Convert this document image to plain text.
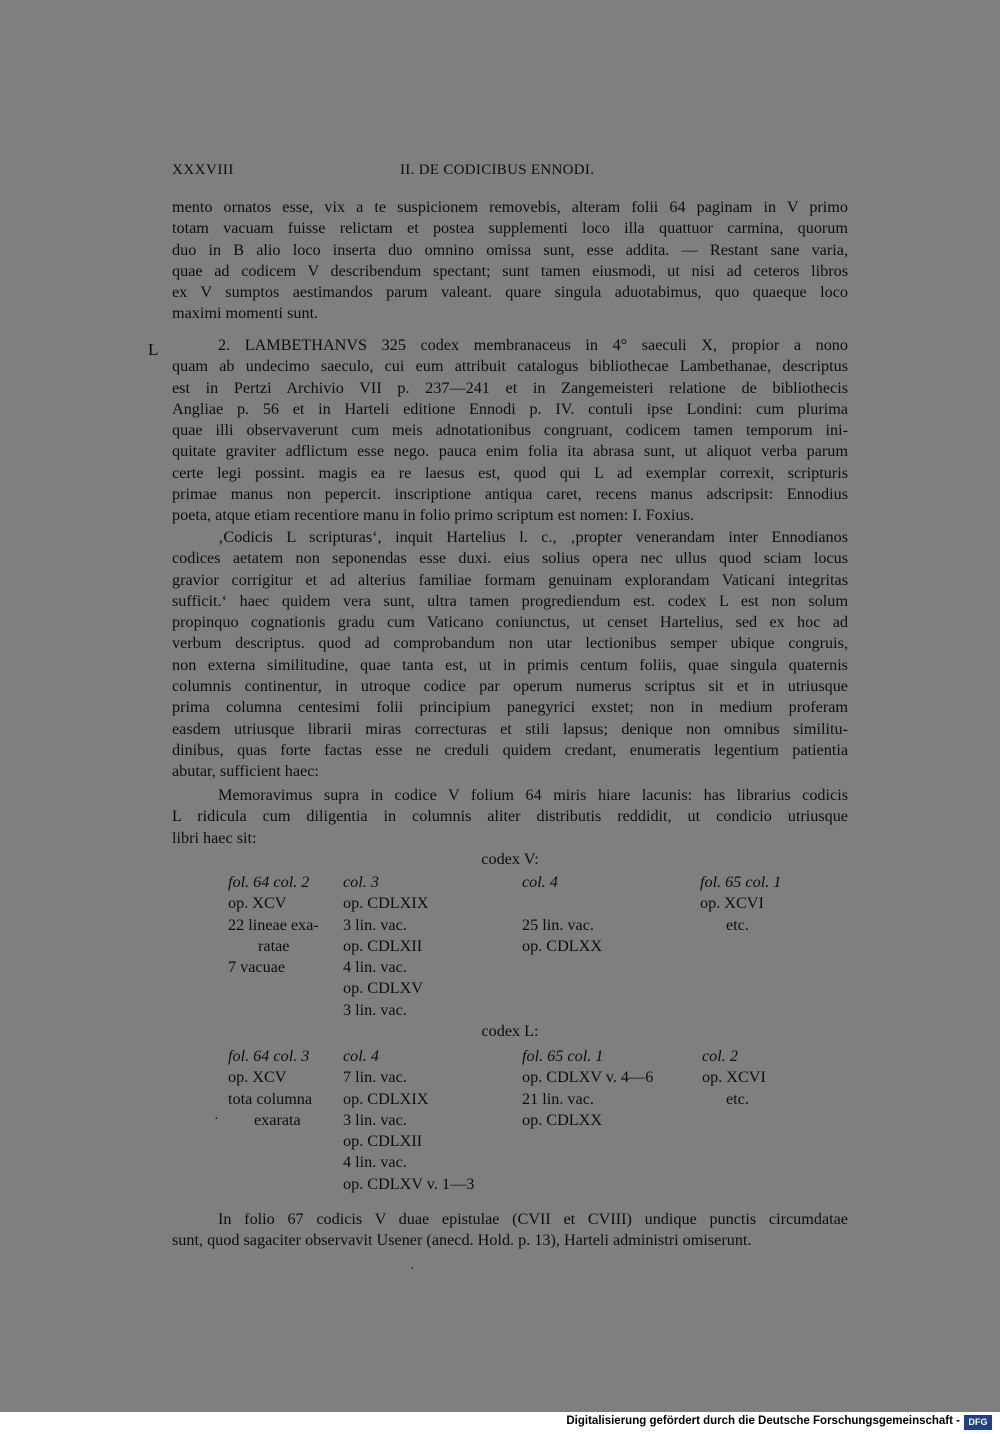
XXXVIII	II. DE CODICIBUS ENNODI.
mento ornatos esse, vix a te suspicionem removebis, alteram folii 64 paginam in V primo
totam vacuam fuisse relictam et postea supplementi loco illa quattuor carmina, quorum
duo in B alio loco inserta duo omnino omissa sunt, esse addita. — Restant sane varia,
quae ad codicem V describendum spectant; sunt tamen eiusmodi, ut nisi ad ceteros libros
ex V sumptos aestimandos parum valeant. quare singula aduotabimus, quo quaeque loco
maximi momenti sunt.
L	2. LAMBETHANVS 325 codex membranaceus in 4° saeculi X, propior a nono
quam ab undecimo saeculo, cui eum attribuit catalogus bibliothecae Lambethanae, descriptus
est in Pertzi Archivio VII p. 237—241 et in Zangemeisteri relatione de bibliothecis
Angliae p. 56 et in Harteli editione Ennodi p. IV. contuli ipse Londini: cum plurima
quae illi observaverunt cum meis adnotationibus congruant, codicem tamen temporum ini-
quitate graviter adflictum esse nego. pauca enim folia ita abrasa sunt, ut aliquot verba parum
certe legi possint. magis ea re laesus est, quod qui L ad exemplar correxit, scripturis
primae manus non pepercit. inscriptione antiqua caret, recens manus adscripsit: Ennodius
poeta, atque etiam recentiore manu in folio primo scriptum est nomen: I. Foxius.
‚Codicis L scripturas‘, inquit Hartelius l. c., ‚propter venerandam inter Ennodianos
codices aetatem non seponendas esse duxi. eius solius opera nec ullus quod sciam locus
gravior corrigitur et ad alterius familiae formam genuinam explorandam Vaticani integritas
sufficit.‘ haec quidem vera sunt, ultra tamen progrediendum est. codex L est non solum
propinquo cognationis gradu cum Vaticano coniunctus, ut censet Hartelius, sed ex hoc ad
verbum descriptus. quod ad comprobandum non utar lectionibus semper ubique congruis,
non externa similitudine, quae tanta est, ut in primis centum foliis, quae singula quaternis
columnis continentur, in utroque codice par operum numerus scriptus sit et in utriusque
prima columna centesimi folii principium panegyrici exstet; non in medium proferam
easdem utriusque librarii miras correcturas et stili lapsus; denique non omnibus similitu-
dinibus, quas forte factas esse ne creduli quidem credant, enumeratis legentium patientia
abutar, sufficient haec:
Memoravimus supra in codice V folium 64 miris hiare lacunis: has librarius codicis
L ridicula cum diligentia in columnis aliter distributis reddidit, ut condicio utriusque
libri haec sit:
codex V:
fol. 64 col. 2
op. XCV
22 lineae exa-
ratae
7 vacuae
col. 3
op. CDLXIX
3 lin. vac.
op. CDLXII
4 lin. vac.
op. CDLXV
3 lin. vac.
col. 4
25 lin. vac.
op. CDLXX
fol. 65 col. 1
op. XCVI
etc.
codex L:
fol. 64 col. 3
op. XCV
tota columna
exarata
col. 4
7 lin. vac.
op. CDLXIX
3 lin. vac.
op. CDLXII
4 lin. vac.
op. CDLXV v. 1—3
fol. 65 col. 1
op. CDLXV v. 4—6
21 lin. vac.
op. CDLXX
col. 2
op. XCVI
etc.
·
In folio 67 codicis V duae epistulae (CVII et CVIII) undique punctis circumdatae
sunt, quod sagaciter observavit Usener (anecd. Hold. p. 13), Harteli administri omiserunt.
·
Digitalisierung gefördert durch die Deutsche Forschungsgemeinschaft - DFG
